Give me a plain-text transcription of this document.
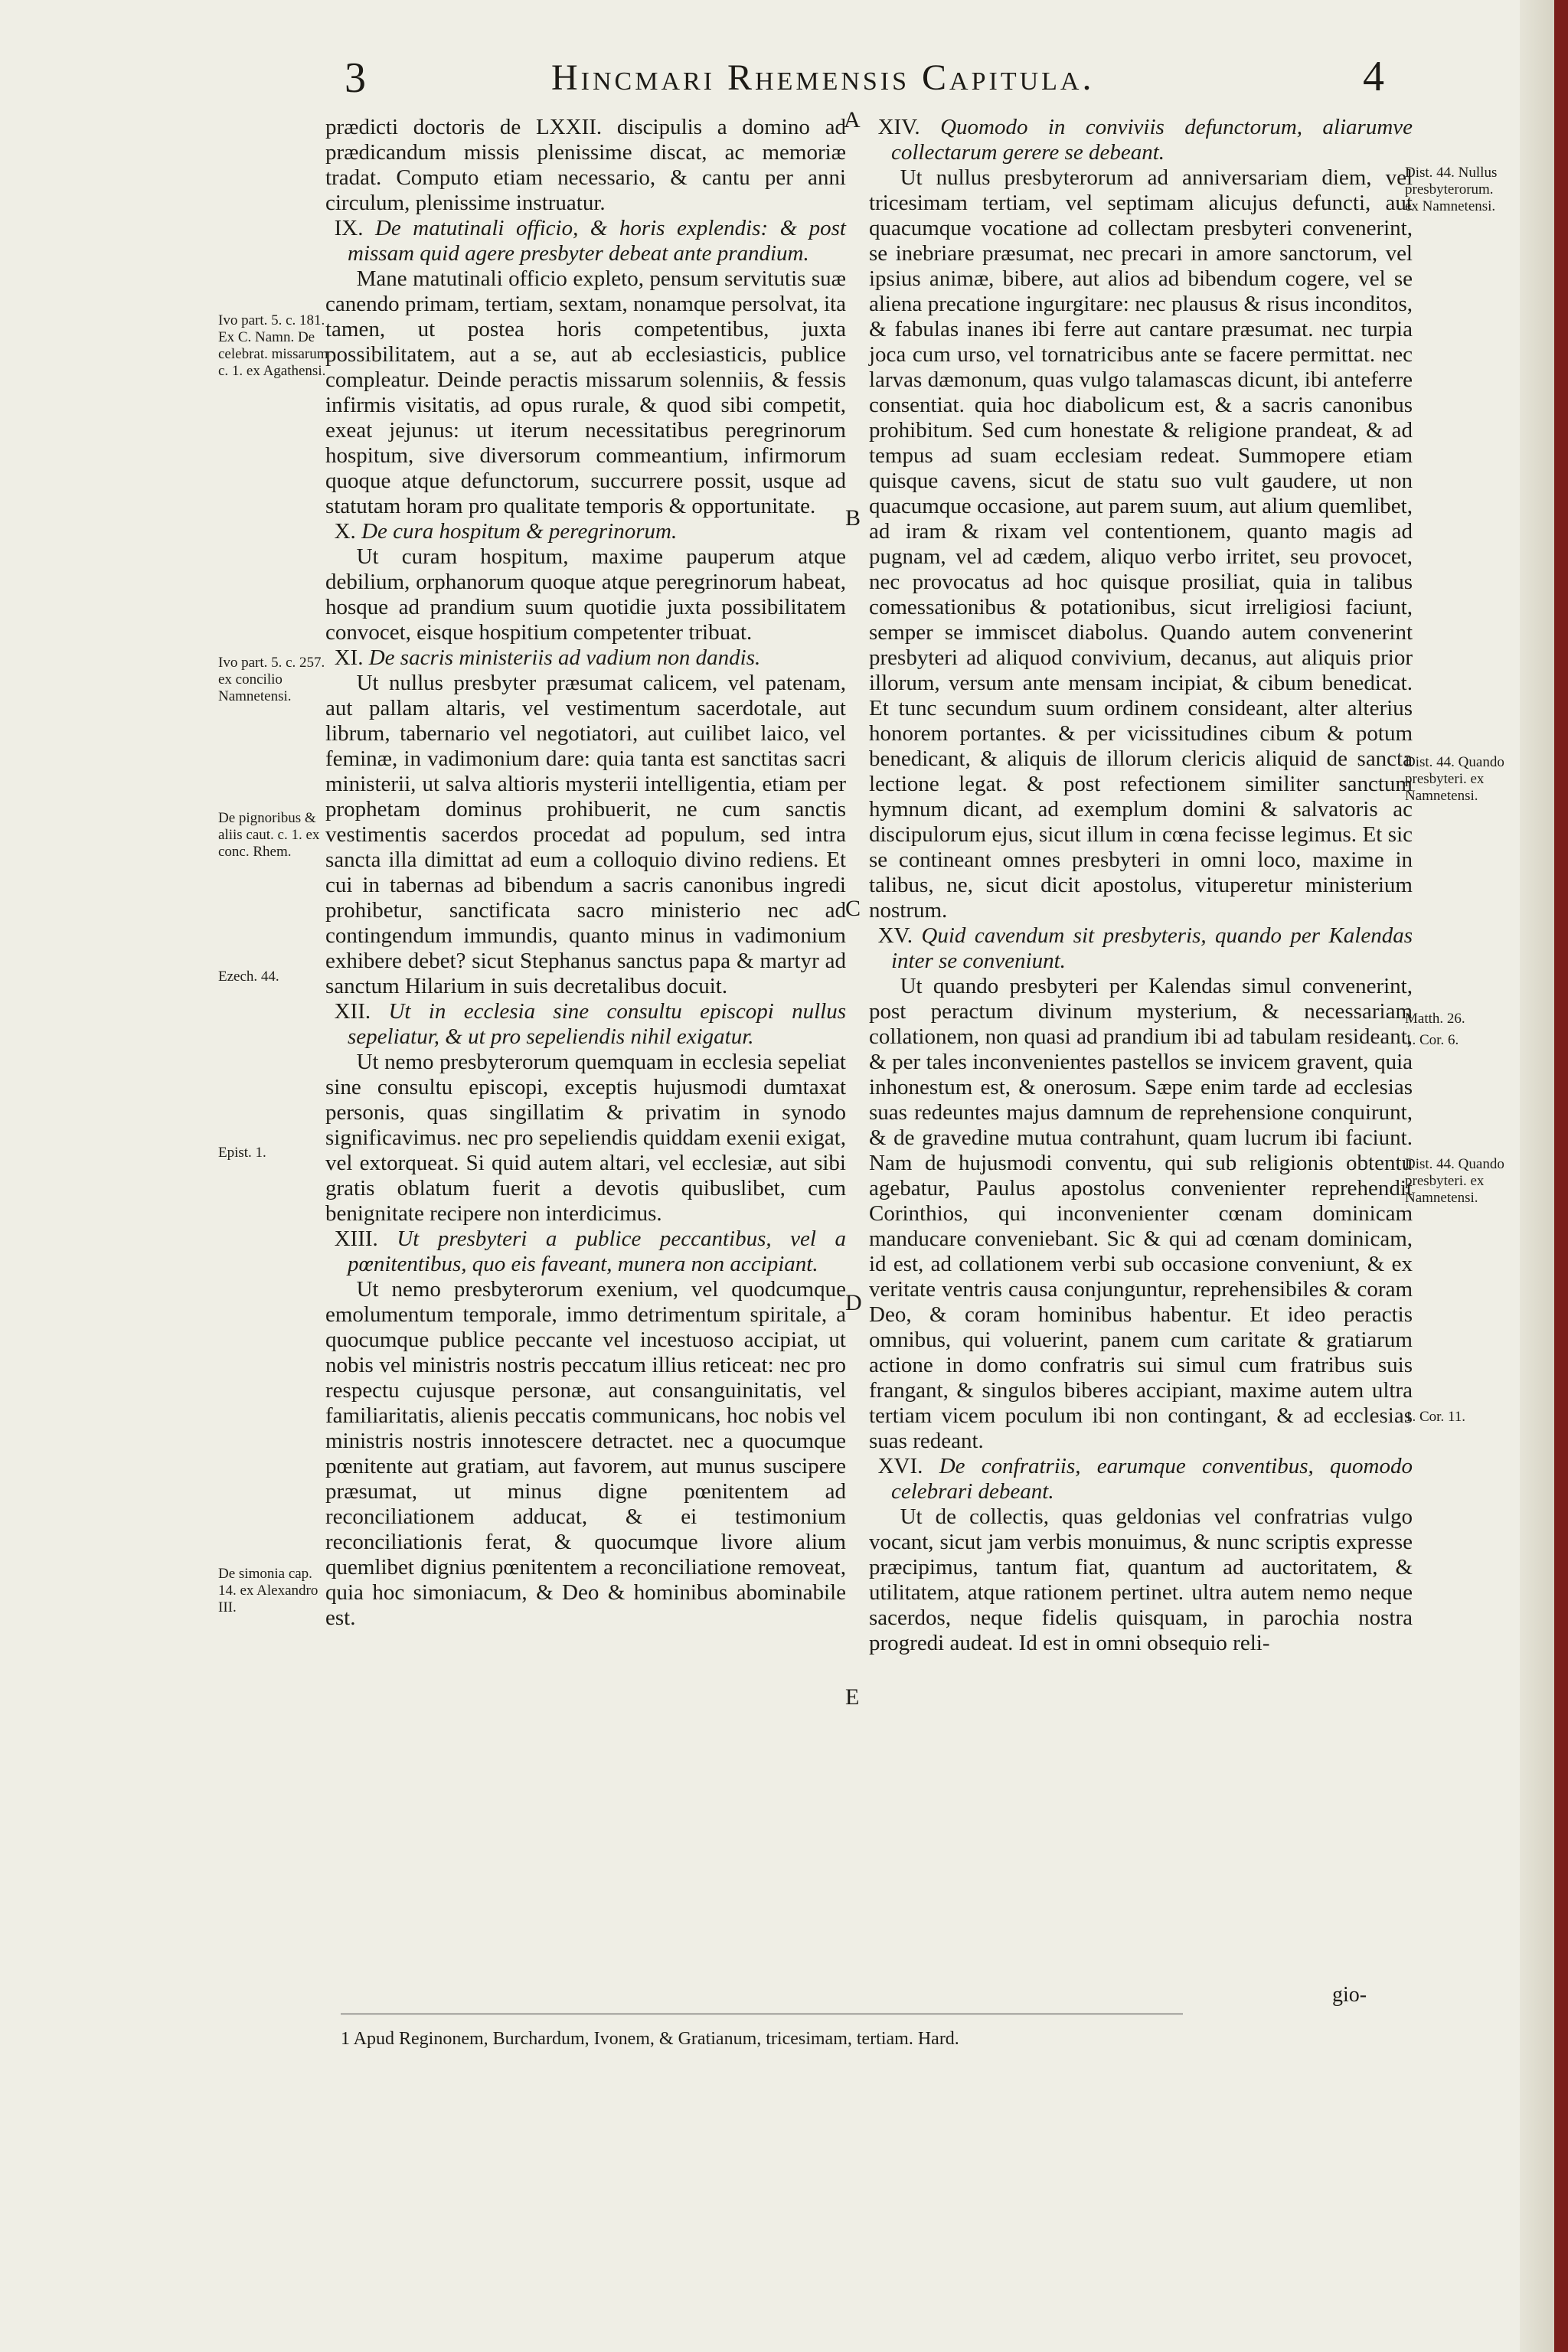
3	Hincmari Rhemensis Capitula.	4

prædicti doctoris de LXXII. discipulis a domino ad prædicandum missis plenissime discat, ac memoriæ tradat. Computo etiam necessario, & cantu per anni circulum, plenissime instruatur.

IX. De matutinali officio, & horis explendis: & post missam quid agere presbyter debeat ante prandium.

Mane matutinali officio expleto, pensum servitutis suæ canendo primam, tertiam, sextam, nonamque persolvat, ita tamen, ut postea horis competentibus, juxta possibilitatem, aut a se, aut ab ecclesiasticis, publice compleatur. Deinde peractis missarum solenniis, & fessis infirmis visitatis, ad opus rurale, & quod sibi competit, exeat jejunus: ut iterum necessitatibus peregrinorum hospitum, sive diversorum commeantium, infirmorum quoque atque defunctorum, succurrere possit, usque ad statutam horam pro qualitate temporis & opportunitate.

X. De cura hospitum & peregrinorum.

Ut curam hospitum, maxime pauperum atque debilium, orphanorum quoque atque peregrinorum habeat, hosque ad prandium suum quotidie juxta possibilitatem convocet, eisque hospitium competenter tribuat.

XI. De sacris ministeriis ad vadium non dandis.

Ut nullus presbyter præsumat calicem, vel patenam, aut pallam altaris, vel vestimentum sacerdotale, aut librum, tabernario vel negotiatori, aut cuilibet laico, vel feminæ, in vadimonium dare: quia tanta est sanctitas sacri ministerii, ut salva altioris mysterii intelligentia, etiam per prophetam dominus prohibuerit, ne cum sanctis vestimentis sacerdos procedat ad populum, sed intra sancta illa dimittat ad eum a colloquio divino rediens. Et cui in tabernas ad bibendum a sacris canonibus ingredi prohibetur, sanctificata sacro ministerio nec ad contingendum immundis, quanto minus in vadimonium exhibere debet? sicut Stephanus sanctus papa & martyr ad sanctum Hilarium in suis decretalibus docuit.

XII. Ut in ecclesia sine consultu episcopi nullus sepeliatur, & ut pro sepeliendis nihil exigatur.

Ut nemo presbyterorum quemquam in ecclesia sepeliat sine consultu episcopi, exceptis hujusmodi dumtaxat personis, quas singillatim & privatim in synodo significavimus. nec pro sepeliendis quiddam exenii exigat, vel extorqueat. Si quid autem altari, vel ecclesiæ, aut sibi gratis oblatum fuerit a devotis quibuslibet, cum benignitate recipere non interdicimus.

XIII. Ut presbyteri a publice peccantibus, vel a pœnitentibus, quo eis faveant, munera non accipiant.

Ut nemo presbyterorum exenium, vel quodcumque emolumentum temporale, immo detrimentum spiritale, a quocumque publice peccante vel incestuoso accipiat, ut nobis vel ministris nostris peccatum illius reticeat: nec pro respectu cujusque personæ, aut consanguinitatis, vel familiaritatis, alienis peccatis communicans, hoc nobis vel ministris nostris innotescere detractet. nec a quocumque pœnitente aut gratiam, aut favorem, aut munus suscipere præsumat, ut minus digne pœnitentem ad reconciliationem adducat, & ei testimonium reconciliationis ferat, & quocumque livore alium quemlibet dignius pœnitentem a reconciliatione removeat, quia hoc simoniacum, & Deo & hominibus abominabile est.

XIV. Quomodo in conviviis defunctorum, aliarumve collectarum gerere se debeant.

Ut nullus presbyterorum ad anniversariam diem, vel tricesimam tertiam, vel septimam alicujus defuncti, aut quacumque vocatione ad collectam presbyteri convenerint, se inebriare præsumat, nec precari in amore sanctorum, vel ipsius animæ, bibere, aut alios ad bibendum cogere, vel se aliena precatione ingurgitare: nec plausus & risus inconditos, & fabulas inanes ibi ferre aut cantare præsumat. nec turpia joca cum urso, vel tornatricibus ante se facere permittat. nec larvas dæmonum, quas vulgo talamascas dicunt, ibi anteferre consentiat. quia hoc diabolicum est, & a sacris canonibus prohibitum. Sed cum honestate & religione prandeat, & ad tempus ad suam ecclesiam redeat. Summopere etiam quisque cavens, sicut de statu suo vult gaudere, ut non quacumque occasione, aut parem suum, aut alium quemlibet, ad iram & rixam vel contentionem, quanto magis ad pugnam, vel ad cædem, aliquo verbo irritet, seu provocet, nec provocatus ad hoc quisque prosiliat, quia in talibus comessationibus & potationibus, sicut irreligiosi faciunt, semper se immiscet diabolus. Quando autem convenerint presbyteri ad aliquod convivium, decanus, aut aliquis prior illorum, versum ante mensam incipiat, & cibum benedicat. Et tunc secundum suum ordinem consideant, alter alterius honorem portantes. & per vicissitudines cibum & potum benedicant, & aliquis de illorum clericis aliquid de sancta lectione legat. & post refectionem similiter sanctum hymnum dicant, ad exemplum domini & salvatoris ac discipulorum ejus, sicut illum in cœna fecisse legimus. Et sic se contineant omnes presbyteri in omni loco, maxime in talibus, ne, sicut dicit apostolus, vituperetur ministerium nostrum.

XV. Quid cavendum sit presbyteris, quando per Kalendas inter se conveniunt.

Ut quando presbyteri per Kalendas simul convenerint, post peractum divinum mysterium, & necessariam collationem, non quasi ad prandium ibi ad tabulam resideant, & per tales inconvenientes pastellos se invicem gravent, quia inhonestum est, & onerosum. Sæpe enim tarde ad ecclesias suas redeuntes majus damnum de reprehensione conquirunt, & de gravedine mutua contrahunt, quam lucrum ibi faciunt. Nam de hujusmodi conventu, qui sub religionis obtentu agebatur, Paulus apostolus convenienter reprehendit Corinthios, qui inconvenienter cœnam dominicam manducare conveniebant. Sic & qui ad cœnam dominicam, id est, ad collationem verbi sub occasione conveniunt, & ex veritate ventris causa conjunguntur, reprehensibiles & coram Deo, & coram hominibus habentur. Et ideo peractis omnibus, qui voluerint, panem cum caritate & gratiarum actione in domo confratris sui simul cum fratribus suis frangant, & singulos biberes accipiant, maxime autem ultra tertiam vicem poculum ibi non contingant, & ad ecclesias suas redeant.

XVI. De confratriis, earumque conventibus, quomodo celebrari debeant.

Ut de collectis, quas geldonias vel confratrias vulgo vocant, sicut jam verbis monuimus, & nunc scriptis expresse præcipimus, tantum fiat, quantum ad auctoritatem, & utilitatem, atque rationem pertinet. ultra autem nemo neque sacerdos, neque fidelis quisquam, in parochia nostra progredi audeat. Id est in omni obsequio reli-

Ivo part. 5. c. 181. Ex C. Namn. De celebrat. missarum c. 1. ex Agathensi.
Ivo part. 5. c. 257. ex concilio Namnetensi.
De pignoribus & aliis caut. c. 1. ex conc. Rhem.
Ezech. 44.
Epist. 1.
De simonia cap. 14. ex Alexandro III.
Dist. 44. Nullus presbyterorum. ex Namnetensi.
Dist. 44. Quando presbyteri. ex Namnetensi.
Matth. 26.
1. Cor. 6.
Dist. 44. Quando presbyteri. ex Namnetensi.
1. Cor. 11.
A
B
C
D
E
gio-
1 Apud Reginonem, Burchardum, Ivonem, & Gratianum, tricesimam, tertiam. Hard.
